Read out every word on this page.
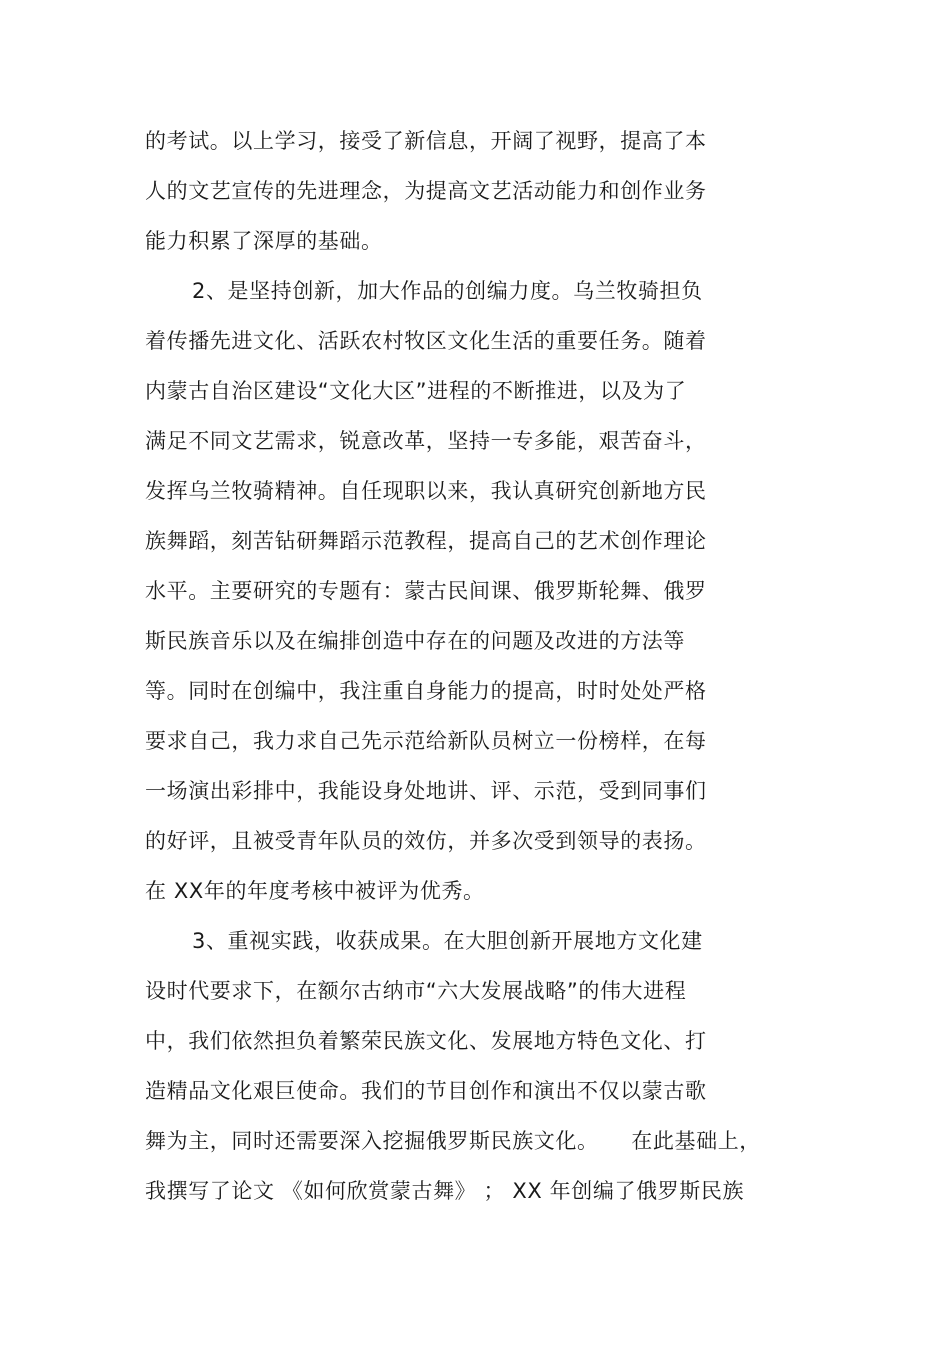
的考试。以上学习，接受了新信息，开阔了视野，提高了本
人的文艺宣传的先进理念，为提高文艺活动能力和创作业务
能力积累了深厚的基础。
2、是坚持创新，加大作品的创编力度。乌兰牧骑担负
着传播先进文化、活跃农村牧区文化生活的重要任务。随着
内蒙古自治区建设“文化大区”进程的不断推进，以及为了
满足不同文艺需求，锐意改革，坚持一专多能，艰苦奋斗，
发挥乌兰牧骑精神。自任现职以来，我认真研究创新地方民
族舞蹈，刻苦钻研舞蹈示范教程，提高自己的艺术创作理论
水平。主要研究的专题有：蒙古民间课、俄罗斯轮舞、俄罗
斯民族音乐以及在编排创造中存在的问题及改进的方法等
等。同时在创编中，我注重自身能力的提高，时时处处严格
要求自己，我力求自己先示范给新队员树立一份榜样，在每
一场演出彩排中，我能设身处地讲、评、示范，受到同事们
的好评，且被受青年队员的效仿，并多次受到领导的表扬。
在 XX年的年度考核中被评为优秀。
3、重视实践，收获成果。在大胆创新开展地方文化建
设时代要求下，在额尔古纳市“六大发展战略”的伟大进程
中，我们依然担负着繁荣民族文化、发展地方特色文化、打
造精品文化艰巨使命。我们的节目创作和演出不仅以蒙古歌
舞为主，同时还需要深入挖掘俄罗斯民族文化。　　在此基础上，
我撰写了论文 《如何欣赏蒙古舞》 ； XX 年创编了俄罗斯民族
